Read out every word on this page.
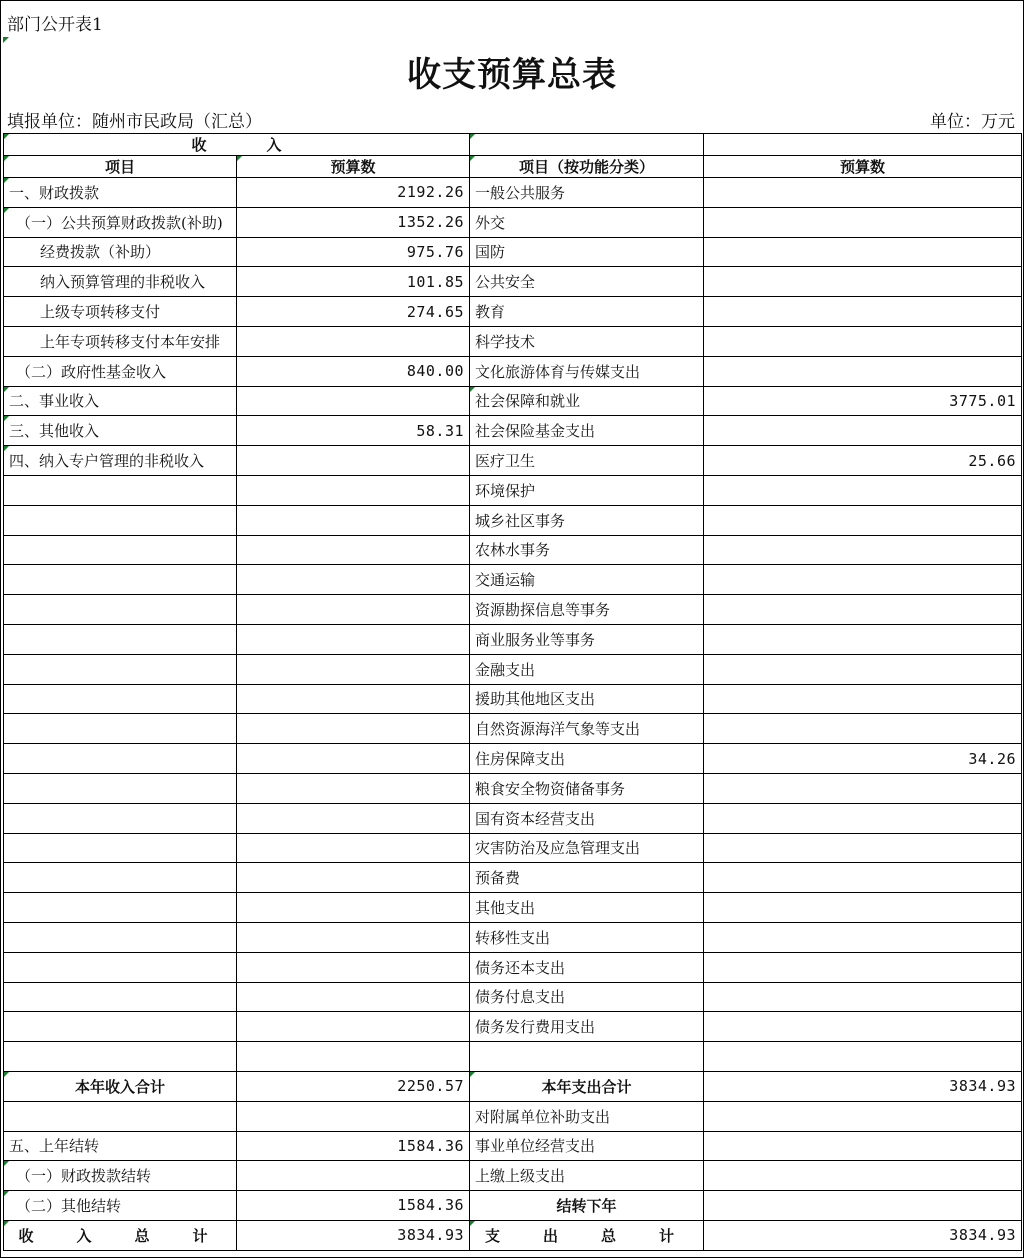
部门公开表1
收支预算总表
填报单位：随州市民政局（汇总）	单位：万元
收　　　　入		

项目	预算数	项目（按功能分类）	预算数

一、财政拨款	2192.26	一般公共服务	

（一）公共预算财政拨款(补助)	1352.26	外交	
经费拨款（补助）	975.76	国防	
纳入预算管理的非税收入	101.85	公共安全	
上级专项转移支付	274.65	教育	
上年专项转移支付本年安排		科学技术	
（二）政府性基金收入	840.00	文化旅游体育与传媒支出	

二、事业收入		社会保障和就业	3775.01

三、其他收入	58.31	社会保险基金支出	

四、纳入专户管理的非税收入		医疗卫生	25.66
		环境保护	
		城乡社区事务	
		农林水事务	
		交通运输	
		资源勘探信息等事务	
		商业服务业等事务	
		金融支出	
		援助其他地区支出	
		自然资源海洋气象等支出	
		住房保障支出	34.26
		粮食安全物资储备事务	
		国有资本经营支出	
		灾害防治及应急管理支出	
		预备费	
		其他支出	
		转移性支出	
		债务还本支出	
		债务付息支出	
		债务发行费用支出	

本年收入合计	2250.57	本年支出合计	3834.93
		对附属单位补助支出	
五、上年结转	1584.36	事业单位经营支出	

（一）财政拨款结转		上缴上级支出	

（二）其他结转	1584.36	结转下年	

收　入　总　计	3834.93	支　出　总　计	3834.93
